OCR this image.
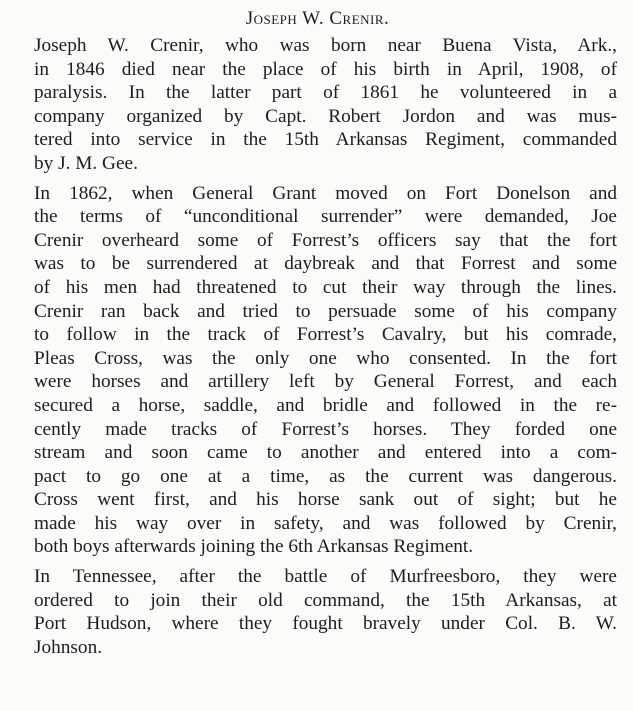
Joseph W. Crenir.

Joseph W. Crenir, who was born near Buena Vista, Ark.,
in 1846 died near the place of his birth in April, 1908, of
paralysis. In the latter part of 1861 he volunteered in a
company organized by Capt. Robert Jordon and was mus-
tered into service in the 15th Arkansas Regiment, commanded
by J. M. Gee.

In 1862, when General Grant moved on Fort Donelson and
the terms of “unconditional surrender” were demanded, Joe
Crenir overheard some of Forrest’s officers say that the fort
was to be surrendered at daybreak and that Forrest and some
of his men had threatened to cut their way through the lines.
Crenir ran back and tried to persuade some of his company
to follow in the track of Forrest’s Cavalry, but his comrade,
Pleas Cross, was the only one who consented. In the fort
were horses and artillery left by General Forrest, and each
secured a horse, saddle, and bridle and followed in the re-
cently made tracks of Forrest’s horses. They forded one
stream and soon came to another and entered into a com-
pact to go one at a time, as the current was dangerous.
Cross went first, and his horse sank out of sight; but he
made his way over in safety, and was followed by Crenir,
both boys afterwards joining the 6th Arkansas Regiment.

In Tennessee, after the battle of Murfreesboro, they were
ordered to join their old command, the 15th Arkansas, at
Port Hudson, where they fought bravely under Col. B. W.
Johnson.
